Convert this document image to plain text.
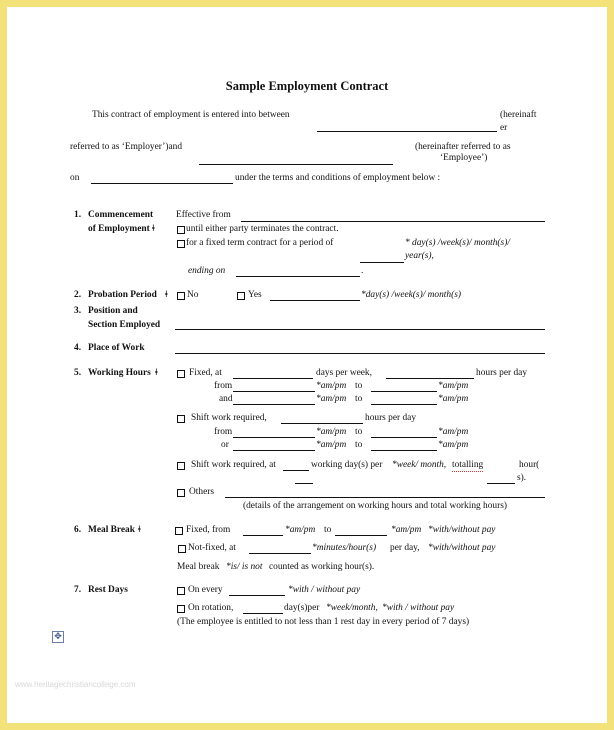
Sample Employment Contract
This contract of employment is entered into between	(hereinaft
er
referred to as ‘Employer’)and	(hereinafter referred to as
‘Employee’)
on	under the terms and conditions of employment below :
1. Commencement
of Employment ǂ
Effective from
until either party terminates the contract.
for a fixed term contract for a period of	* day(s) /week(s)/ month(s)/
year(s),
ending on	.
2. Probation Period ǂ No	Yes	*day(s) /week(s)/ month(s)
3. Position and
Section Employed
4. Place of Work
5. Working Hours ǂ	Fixed, at	days per week,	hours per day
from	*am/pm to	*am/pm
and	*am/pm to	*am/pm
Shift work required,	hours per day
from	*am/pm to	*am/pm
or	*am/pm to	*am/pm
Shift work required, at	working day(s) per *week/ month, totalling	hour(
s).
Others
(details of the arrangement on working hours and total working hours)
6. Meal Break ǂ	Fixed, from	*am/pm to	*am/pm *with/without pay
Not-fixed, at	*minutes/hour(s) per day, *with/without pay
Meal break *is/ is not counted as working hour(s).
7. Rest Days	On every	*with / without pay
On rotation,	day(s)per *week/month, *with / without pay
(The employee is entitled to not less than 1 rest day in every period of 7 days)
✥
www.heritagechristiancollege.com
